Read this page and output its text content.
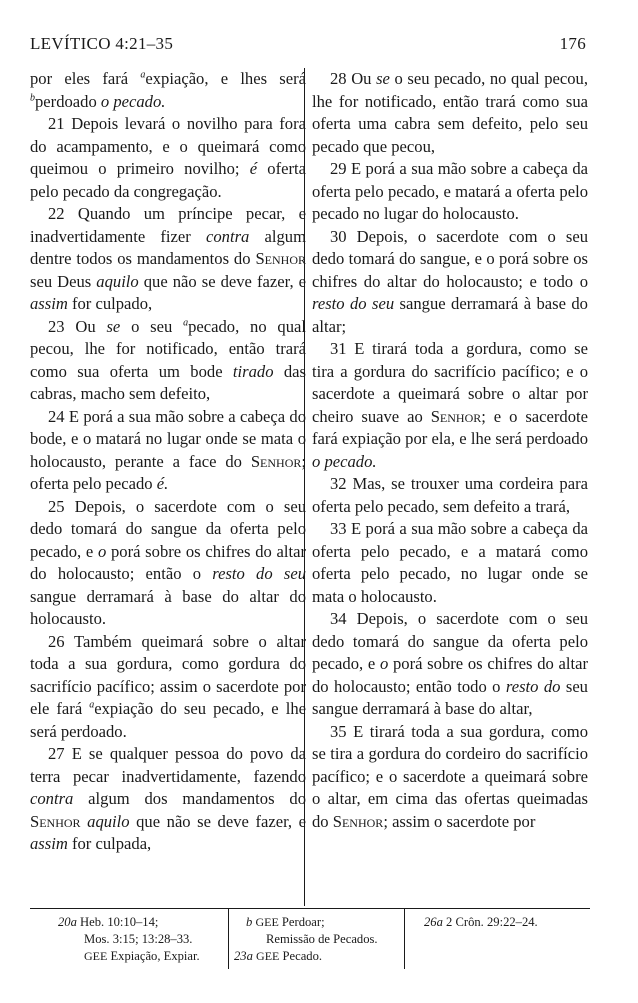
LEVÍTICO 4:21–35	176

por eles fará $^a$expiação, e lhes será $^b$perdoado o pecado.

21 Depois levará o novilho para fora do acampamento, e o queimará como queimou o primeiro novilho; é oferta pelo pecado da congregação.

22 Quando um príncipe pecar, e inadvertidamente fizer contra algum dentre todos os mandamentos do Senhor seu Deus aquilo que não se deve fazer, e assim for culpado,

23 Ou se o seu $^a$pecado, no qual pecou, lhe for notificado, então trará como sua oferta um bode tirado das cabras, macho sem defeito,

24 E porá a sua mão sobre a cabeça do bode, e o matará no lugar onde se mata o holocausto, perante a face do Senhor; oferta pelo pecado é.

25 Depois, o sacerdote com o seu dedo tomará do sangue da oferta pelo pecado, e o porá sobre os chifres do altar do holocausto; então o resto do seu sangue derramará à base do altar do holocausto.

26 Também queimará sobre o altar toda a sua gordura, como gordura do sacrifício pacífico; assim o sacerdote por ele fará $^a$expiação do seu pecado, e lhe será perdoado.

27 E se qualquer pessoa do povo da terra pecar inadvertidamente, fazendo contra algum dos mandamentos do Senhor aquilo que não se deve fazer, e assim for culpada,

28 Ou se o seu pecado, no qual pecou, lhe for notificado, então trará como sua oferta uma cabra sem defeito, pelo seu pecado que pecou,

29 E porá a sua mão sobre a cabeça da oferta pelo pecado, e matará a oferta pelo pecado no lugar do holocausto.

30 Depois, o sacerdote com o seu dedo tomará do sangue, e o porá sobre os chifres do altar do holocausto; e todo o resto do seu sangue derramará à base do altar;

31 E tirará toda a gordura, como se tira a gordura do sacrifício pacífico; e o sacerdote a queimará sobre o altar por cheiro suave ao Senhor; e o sacerdote fará expiação por ela, e lhe será perdoado o pecado.

32 Mas, se trouxer uma cordeira para oferta pelo pecado, sem defeito a trará,

33 E porá a sua mão sobre a cabeça da oferta pelo pecado, e a matará como oferta pelo pecado, no lugar onde se mata o holocausto.

34 Depois, o sacerdote com o seu dedo tomará do sangue da oferta pelo pecado, e o porá sobre os chifres do altar do holocausto; então todo o resto do seu sangue derramará à base do altar,

35 E tirará toda a sua gordura, como se tira a gordura do cordeiro do sacrifício pacífico; e o sacerdote a queimará sobre o altar, em cima das ofertas queimadas do Senhor; assim o sacerdote por

20a Heb. 10:10–14;
Mos. 3:15; 13:28–33.
GEE Expiação, Expiar.
b GEE Perdoar;
Remissão de Pecados.
23a GEE Pecado.
26a 2 Crôn. 29:22–24.
